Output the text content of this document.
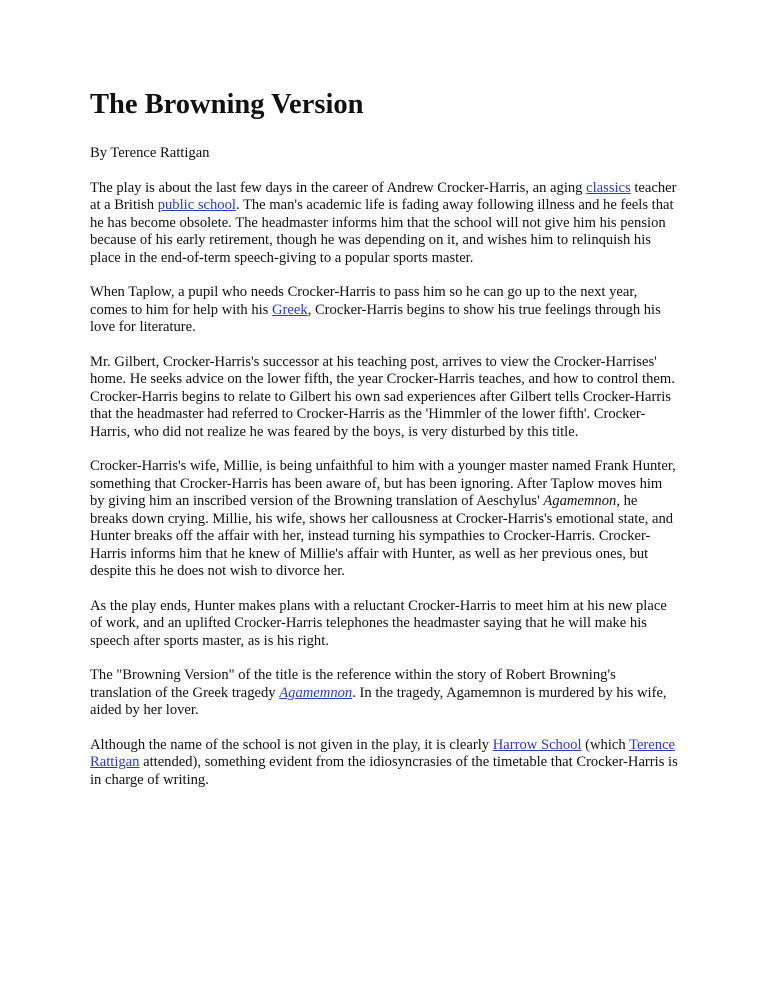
The Browning Version

By Terence Rattigan

The play is about the last few days in the career of Andrew Crocker-Harris, an aging classics teacher at a British public school. The man's academic life is fading away following illness and he feels that he has become obsolete. The headmaster informs him that the school will not give him his pension because of his early retirement, though he was depending on it, and wishes him to relinquish his place in the end-of-term speech-giving to a popular sports master.

When Taplow, a pupil who needs Crocker-Harris to pass him so he can go up to the next year, comes to him for help with his Greek, Crocker-Harris begins to show his true feelings through his love for literature.

Mr. Gilbert, Crocker-Harris's successor at his teaching post, arrives to view the Crocker-Harrises' home. He seeks advice on the lower fifth, the year Crocker-Harris teaches, and how to control them. Crocker-Harris begins to relate to Gilbert his own sad experiences after Gilbert tells Crocker-Harris that the headmaster had referred to Crocker-Harris as the 'Himmler of the lower fifth'. Crocker-Harris, who did not realize he was feared by the boys, is very disturbed by this title.

Crocker-Harris's wife, Millie, is being unfaithful to him with a younger master named Frank Hunter, something that Crocker-Harris has been aware of, but has been ignoring. After Taplow moves him by giving him an inscribed version of the Browning translation of Aeschylus' Agamemnon, he breaks down crying. Millie, his wife, shows her callousness at Crocker-Harris's emotional state, and Hunter breaks off the affair with her, instead turning his sympathies to Crocker-Harris. Crocker-Harris informs him that he knew of Millie's affair with Hunter, as well as her previous ones, but despite this he does not wish to divorce her.

As the play ends, Hunter makes plans with a reluctant Crocker-Harris to meet him at his new place of work, and an uplifted Crocker-Harris telephones the headmaster saying that he will make his speech after sports master, as is his right.

The "Browning Version" of the title is the reference within the story of Robert Browning's translation of the Greek tragedy Agamemnon. In the tragedy, Agamemnon is murdered by his wife, aided by her lover.

Although the name of the school is not given in the play, it is clearly Harrow School (which Terence Rattigan attended), something evident from the idiosyncrasies of the timetable that Crocker-Harris is in charge of writing.
